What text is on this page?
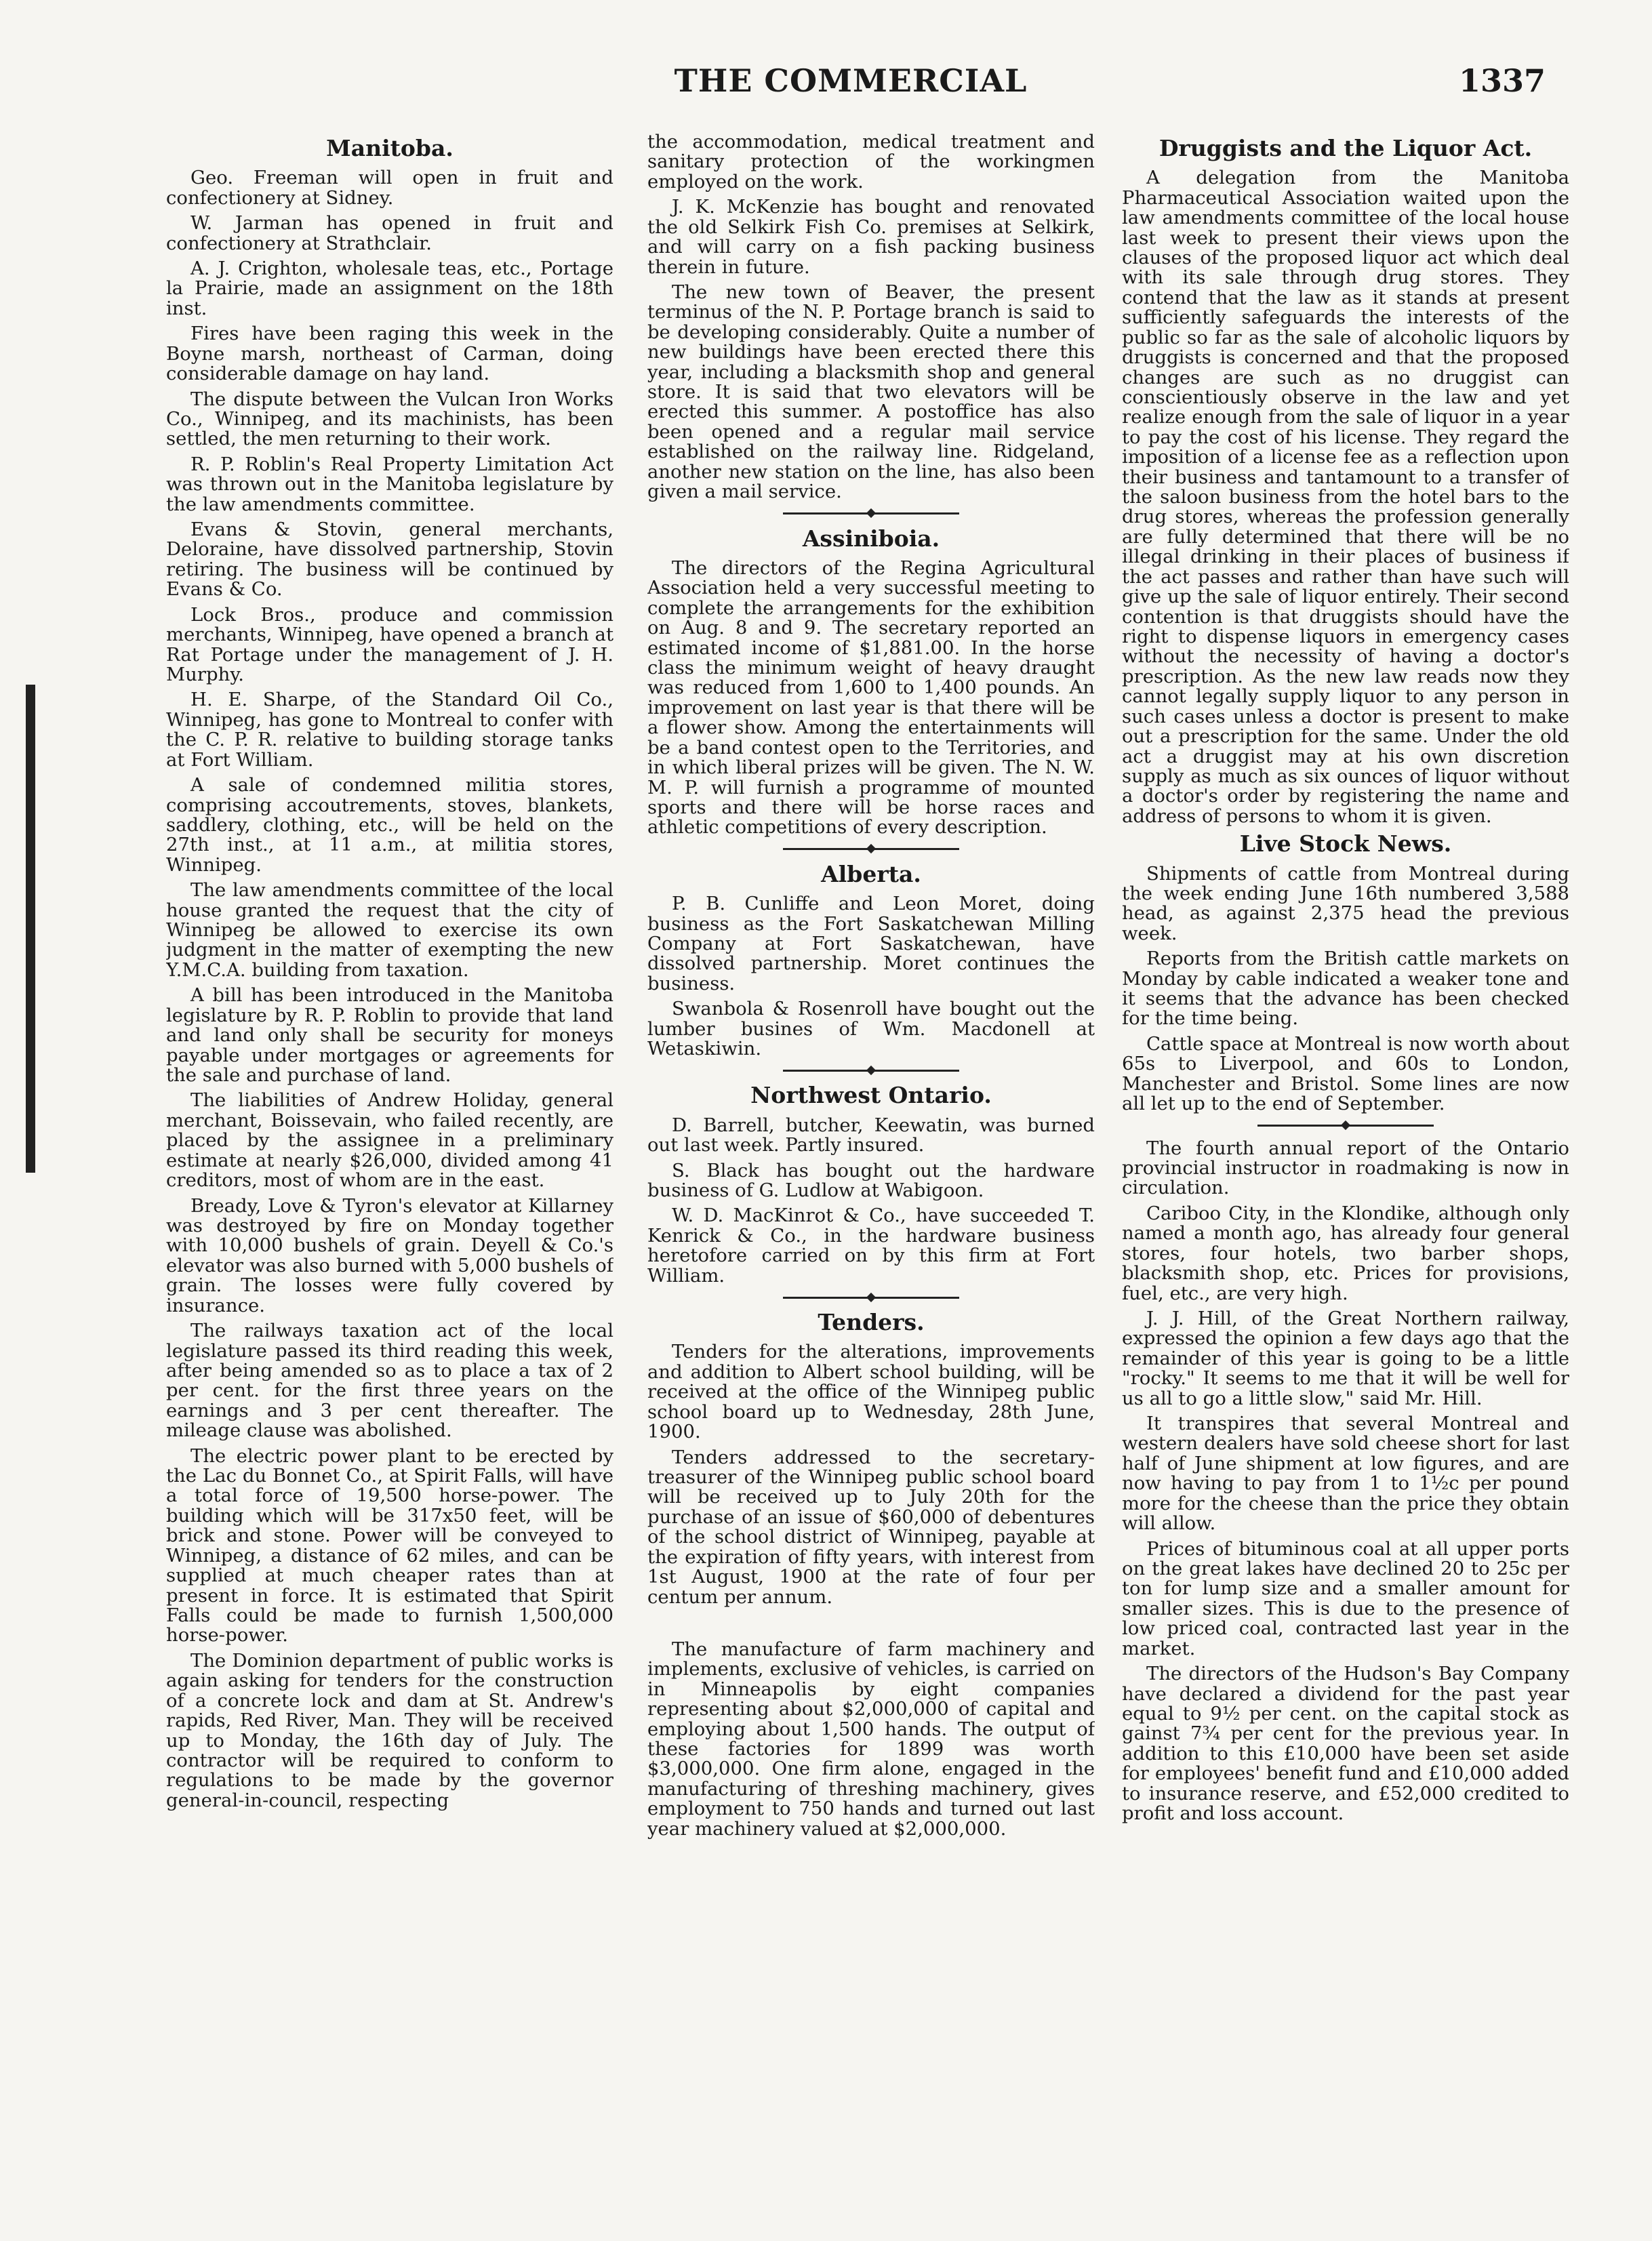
THE COMMERCIAL	1337
Manitoba.

Geo. Freeman will open in fruit and confectionery at Sidney.

W. Jarman has opened in fruit and confectionery at Strathclair.

A. J. Crighton, wholesale teas, etc., Portage la Prairie, made an assignment on the 18th inst.

Fires have been raging this week in the Boyne marsh, northeast of Carman, doing considerable damage on hay land.

The dispute between the Vulcan Iron Works Co., Winnipeg, and its machinists, has been settled, the men returning to their work.

R. P. Roblin's Real Property Limitation Act was thrown out in the Manitoba legislature by the law amendments committee.

Evans & Stovin, general merchants, Deloraine, have dissolved partnership, Stovin retiring. The business will be continued by Evans & Co.

Lock Bros., produce and commission merchants, Winnipeg, have opened a branch at Rat Portage under the management of J. H. Murphy.

H. E. Sharpe, of the Standard Oil Co., Winnipeg, has gone to Montreal to confer with the C. P. R. relative to building storage tanks at Fort William.

A sale of condemned militia stores, comprising accoutrements, stoves, blankets, saddlery, clothing, etc., will be held on the 27th inst., at 11 a.m., at militia stores, Winnipeg.

The law amendments committee of the local house granted the request that the city of Winnipeg be allowed to exercise its own judgment in the matter of exempting the new Y.M.C.A. building from taxation.

A bill has been introduced in the Manitoba legislature by R. P. Roblin to provide that land and land only shall be security for moneys payable under mortgages or agreements for the sale and purchase of land.

The liabilities of Andrew Holiday, general merchant, Boissevain, who failed recently, are placed by the assignee in a preliminary estimate at nearly $26,000, divided among 41 creditors, most of whom are in the east.

Bready, Love & Tyron's elevator at Killarney was destroyed by fire on Monday together with 10,000 bushels of grain. Deyell & Co.'s elevator was also burned with 5,000 bushels of grain. The losses were fully covered by insurance.

The railways taxation act of the local legislature passed its third reading this week, after being amended so as to place a tax of 2 per cent. for the first three years on the earnings and 3 per cent thereafter. The mileage clause was abolished.

The electric power plant to be erected by the Lac du Bonnet Co., at Spirit Falls, will have a total force of 19,500 horse-power. The building which will be 317x50 feet, will be brick and stone. Power will be conveyed to Winnipeg, a distance of 62 miles, and can be supplied at much cheaper rates than at present in force. It is estimated that Spirit Falls could be made to furnish 1,500,000 horse-power.

The Dominion department of public works is again asking for tenders for the construction of a concrete lock and dam at St. Andrew's rapids, Red River, Man. They will be received up to Monday, the 16th day of July. The contractor will be required to conform to regulations to be made by the governor general-in-council, respecting

the accommodation, medical treatment and sanitary protection of the workingmen employed on the work.

J. K. McKenzie has bought and renovated the old Selkirk Fish Co. premises at Selkirk, and will carry on a fish packing business therein in future.

The new town of Beaver, the present terminus of the N. P. Portage branch is said to be developing considerably. Quite a number of new buildings have been erected there this year, including a blacksmith shop and general store. It is said that two elevators will be erected this summer. A postoffice has also been opened and a regular mail service established on the railway line. Ridgeland, another new station on the line, has also been given a mail service.

Assiniboia.

The directors of the Regina Agricultural Association held a very successful meeting to complete the arrangements for the exhibition on Aug. 8 and 9. The secretary reported an estimated income of $1,881.00. In the horse class the minimum weight of heavy draught was reduced from 1,600 to 1,400 pounds. An improvement on last year is that there will be a flower show. Among the entertainments will be a band contest open to the Territories, and in which liberal prizes will be given. The N. W. M. P. will furnish a programme of mounted sports and there will be horse races and athletic competitions of every description.

Alberta.

P. B. Cunliffe and Leon Moret, doing business as the Fort Saskatchewan Milling Company at Fort Saskatchewan, have dissolved partnership. Moret continues the business.

Swanbola & Rosenroll have bought out the lumber busines of Wm. Macdonell at Wetaskiwin.

Northwest Ontario.

D. Barrell, butcher, Keewatin, was burned out last week. Partly insured.

S. Black has bought out the hardware business of G. Ludlow at Wabigoon.

W. D. MacKinrot & Co., have succeeded T. Kenrick & Co., in the hardware business heretofore carried on by this firm at Fort William.

Tenders.

Tenders for the alterations, improvements and addition to Albert school building, will be received at the office of the Winnipeg public school board up to Wednesday, 28th June, 1900.

Tenders addressed to the secretary-treasurer of the Winnipeg public school board will be received up to July 20th for the purchase of an issue of $60,000 of debentures of the school district of Winnipeg, payable at the expiration of fifty years, with interest from 1st August, 1900 at the rate of four per centum per annum.

The manufacture of farm machinery and implements, exclusive of vehicles, is carried on in Minneapolis by eight companies representing about $2,000,000 of capital and employing about 1,500 hands. The output of these factories for 1899 was worth $3,000,000. One firm alone, engaged in the manufacturing of threshing machinery, gives employment to 750 hands and turned out last year machinery valued at $2,000,000.

Druggists and the Liquor Act.

A delegation from the Manitoba Pharmaceutical Association waited upon the law amendments committee of the local house last week to present their views upon the clauses of the proposed liquor act which deal with its sale through drug stores. They contend that the law as it stands at present sufficiently safeguards the interests of the public so far as the sale of alcoholic liquors by druggists is concerned and that the proposed changes are such as no druggist can conscientiously observe in the law and yet realize enough from the sale of liquor in a year to pay the cost of his license. They regard the imposition of a license fee as a reflection upon their business and tantamount to a transfer of the saloon business from the hotel bars to the drug stores, whereas the profession generally are fully determined that there will be no illegal drinking in their places of business if the act passes and rather than have such will give up the sale of liquor entirely. Their second contention is that druggists should have the right to dispense liquors in emergency cases without the necessity of having a doctor's prescription. As the new law reads now they cannot legally supply liquor to any person in such cases unless a doctor is present to make out a prescription for the same. Under the old act a druggist may at his own discretion supply as much as six ounces of liquor without a doctor's order by registering the name and address of persons to whom it is given.

Live Stock News.

Shipments of cattle from Montreal during the week ending June 16th numbered 3,588 head, as against 2,375 head the previous week.

Reports from the British cattle markets on Monday by cable indicated a weaker tone and it seems that the advance has been checked for the time being.

Cattle space at Montreal is now worth about 65s to Liverpool, and 60s to London, Manchester and Bristol. Some lines are now all let up to the end of September.

The fourth annual report of the Ontario provincial instructor in roadmaking is now in circulation.

Cariboo City, in the Klondike, although only named a month ago, has already four general stores, four hotels, two barber shops, blacksmith shop, etc. Prices for provisions, fuel, etc., are very high.

J. J. Hill, of the Great Northern railway, expressed the opinion a few days ago that the remainder of this year is going to be a little "rocky." It seems to me that it will be well for us all to go a little slow," said Mr. Hill.

It transpires that several Montreal and western dealers have sold cheese short for last half of June shipment at low figures, and are now having to pay from 1 to 1½c per pound more for the cheese than the price they obtain will allow.

Prices of bituminous coal at all upper ports on the great lakes have declined 20 to 25c per ton for lump size and a smaller amount for smaller sizes. This is due to the presence of low priced coal, contracted last year in the market.

The directors of the Hudson's Bay Company have declared a dividend for the past year equal to 9½ per cent. on the capital stock as gainst 7¾ per cent for the previous year. In addition to this £10,000 have been set aside for employees' benefit fund and £10,000 added to insurance reserve, and £52,000 credited to profit and loss account.
